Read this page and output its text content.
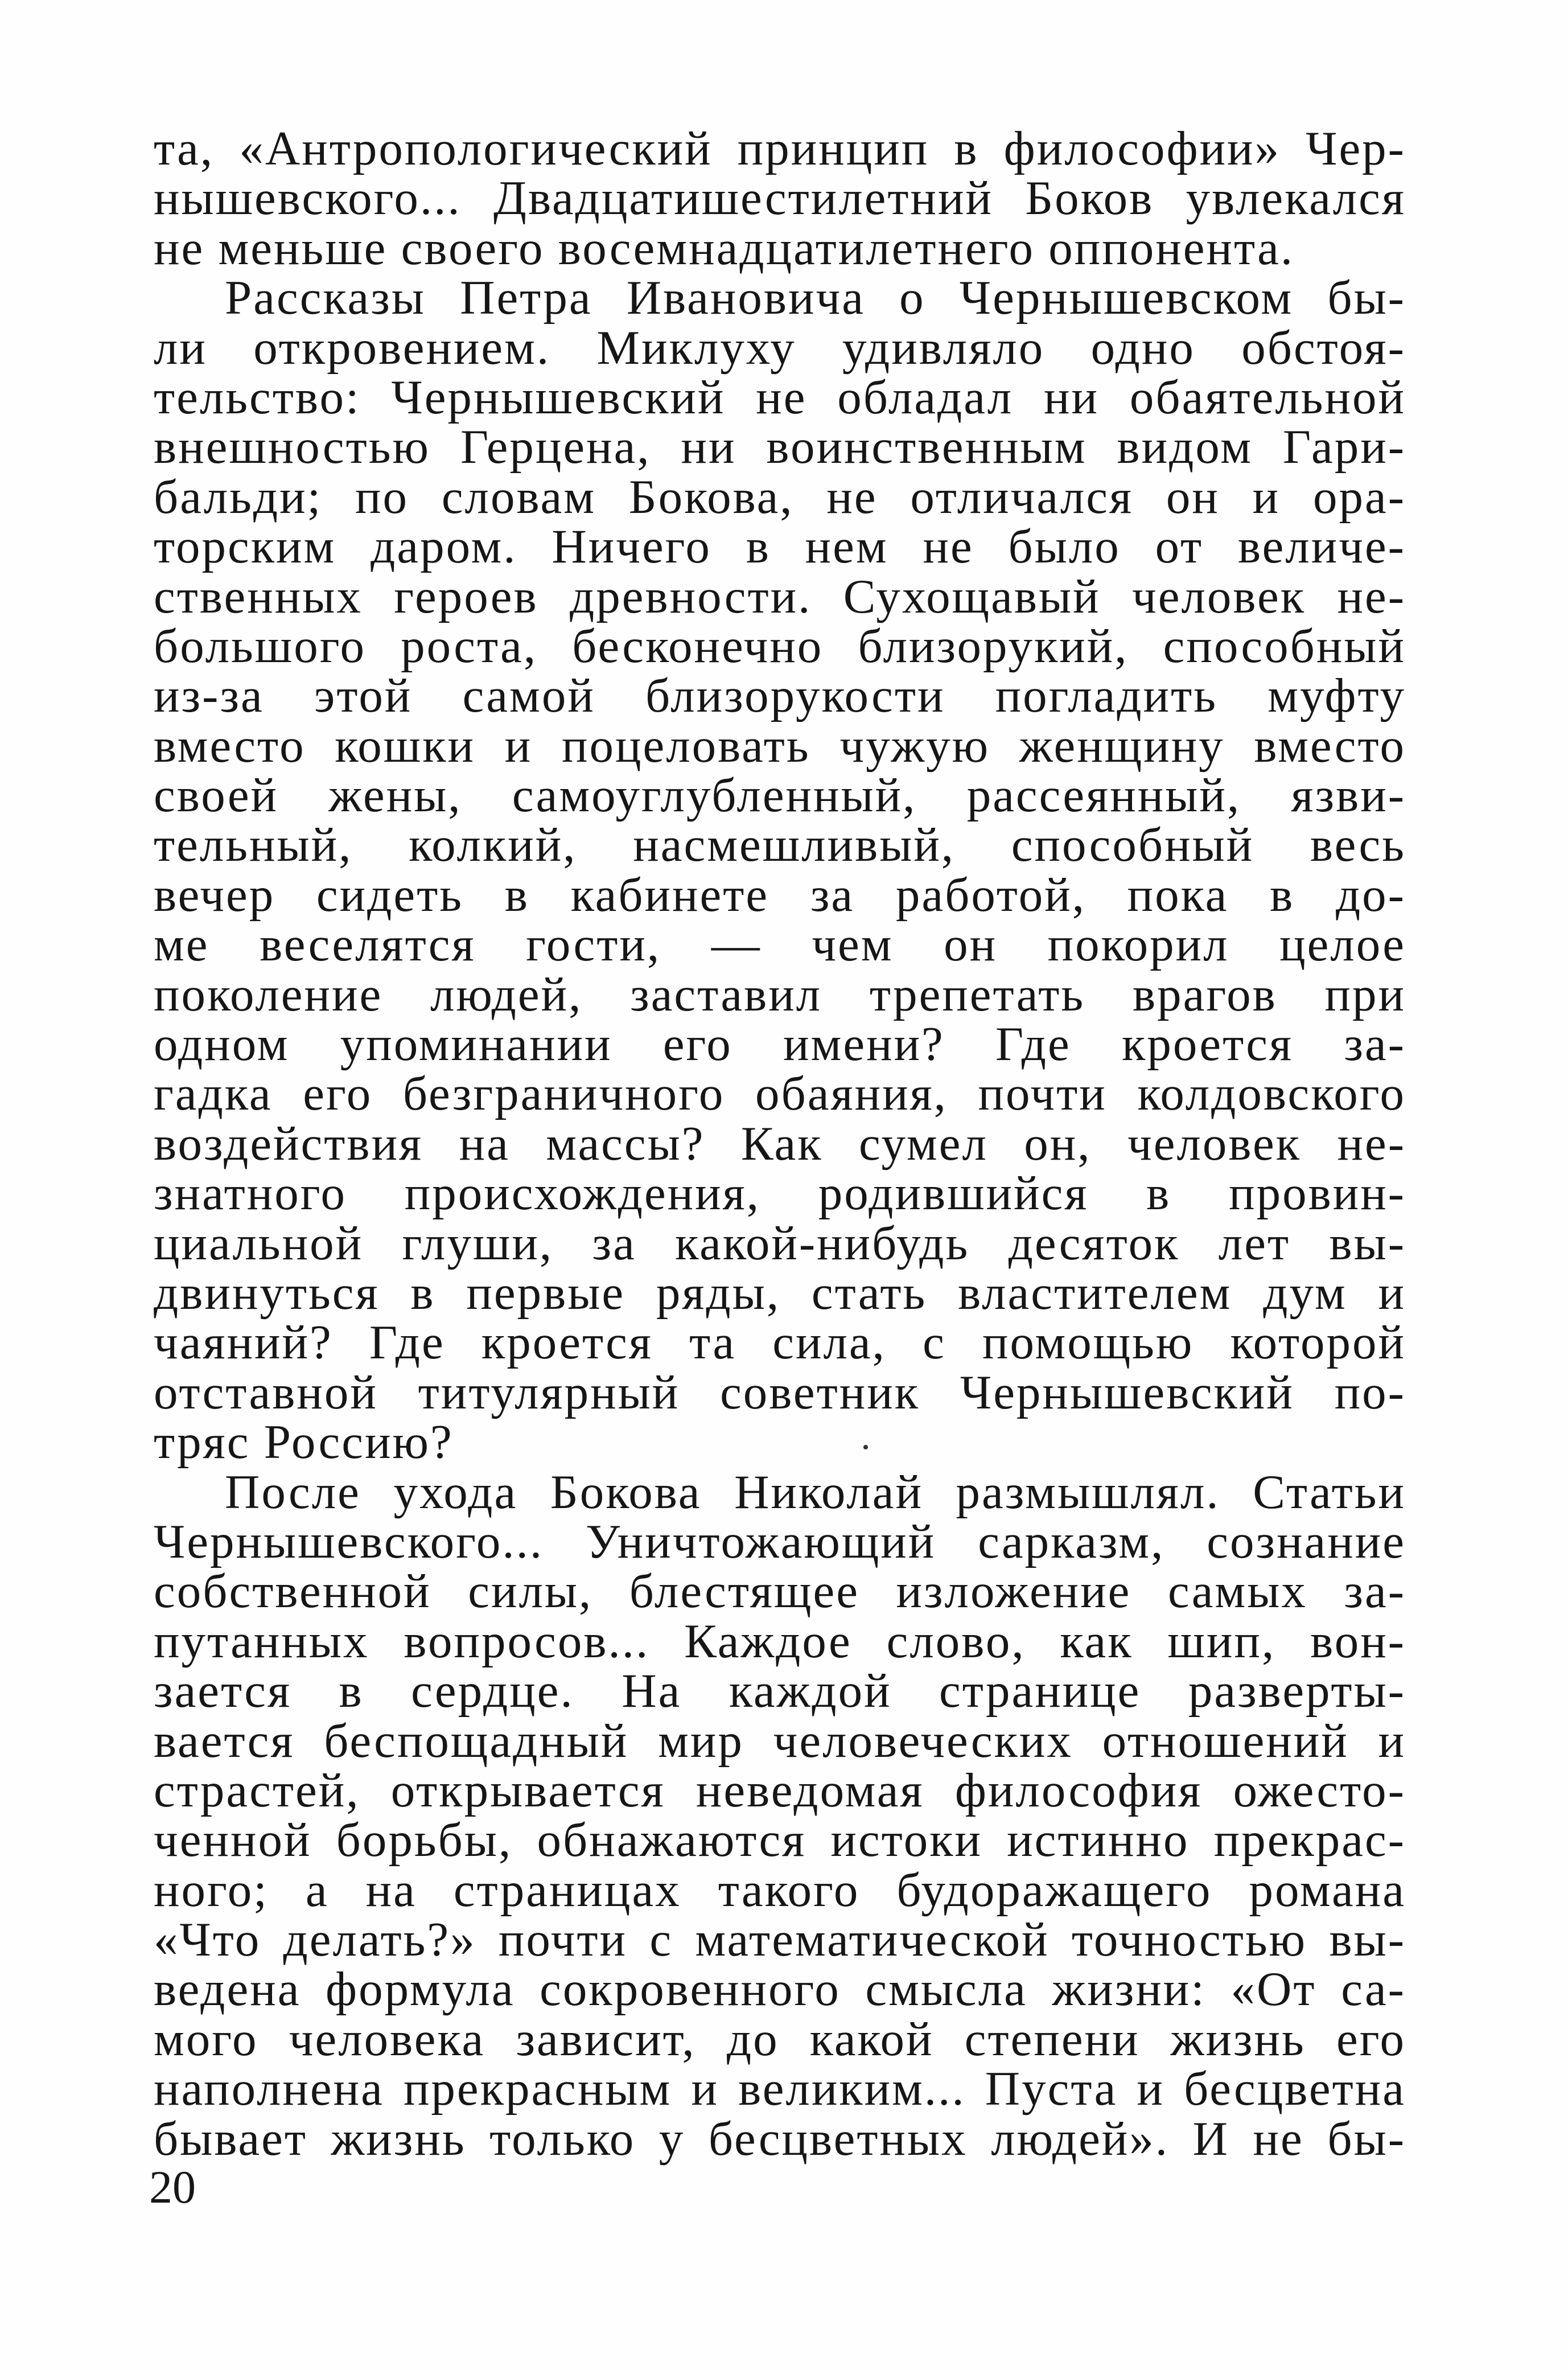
та, «Антропологический принцип в философии» Чер-
нышевского... Двадцатишестилетний Боков увлекался
не меньше своего восемнадцатилетнего оппонента.
Рассказы Петра Ивановича о Чернышевском бы-
ли откровением. Миклуху удивляло одно обстоя-
тельство: Чернышевский не обладал ни обаятельной
внешностью Герцена, ни воинственным видом Гари-
бальди; по словам Бокова, не отличался он и ора-
торским даром. Ничего в нем не было от величе-
ственных героев древности. Сухощавый человек не-
большого роста, бесконечно близорукий, способный
из-за этой самой близорукости погладить муфту
вместо кошки и поцеловать чужую женщину вместо
своей жены, самоуглубленный, рассеянный, язви-
тельный, колкий, насмешливый, способный весь
вечер сидеть в кабинете за работой, пока в до-
ме веселятся гости, — чем он покорил целое
поколение людей, заставил трепетать врагов при
одном упоминании его имени? Где кроется за-
гадка его безграничного обаяния, почти колдовского
воздействия на массы? Как сумел он, человек не-
знатного происхождения, родившийся в провин-
циальной глуши, за какой-нибудь десяток лет вы-
двинуться в первые ряды, стать властителем дум и
чаяний? Где кроется та сила, с помощью которой
отставной титулярный советник Чернышевский по-
тряс Россию?
После ухода Бокова Николай размышлял. Статьи
Чернышевского... Уничтожающий сарказм, сознание
собственной силы, блестящее изложение самых за-
путанных вопросов... Каждое слово, как шип, вон-
зается в сердце. На каждой странице разверты-
вается беспощадный мир человеческих отношений и
страстей, открывается неведомая философия ожесто-
ченной борьбы, обнажаются истоки истинно прекрас-
ного; а на страницах такого будоражащего романа
«Что делать?» почти с математической точностью вы-
ведена формула сокровенного смысла жизни: «От са-
мого человека зависит, до какой степени жизнь его
наполнена прекрасным и великим... Пуста и бесцветна
бывает жизнь только у бесцветных людей». И не бы-
20
